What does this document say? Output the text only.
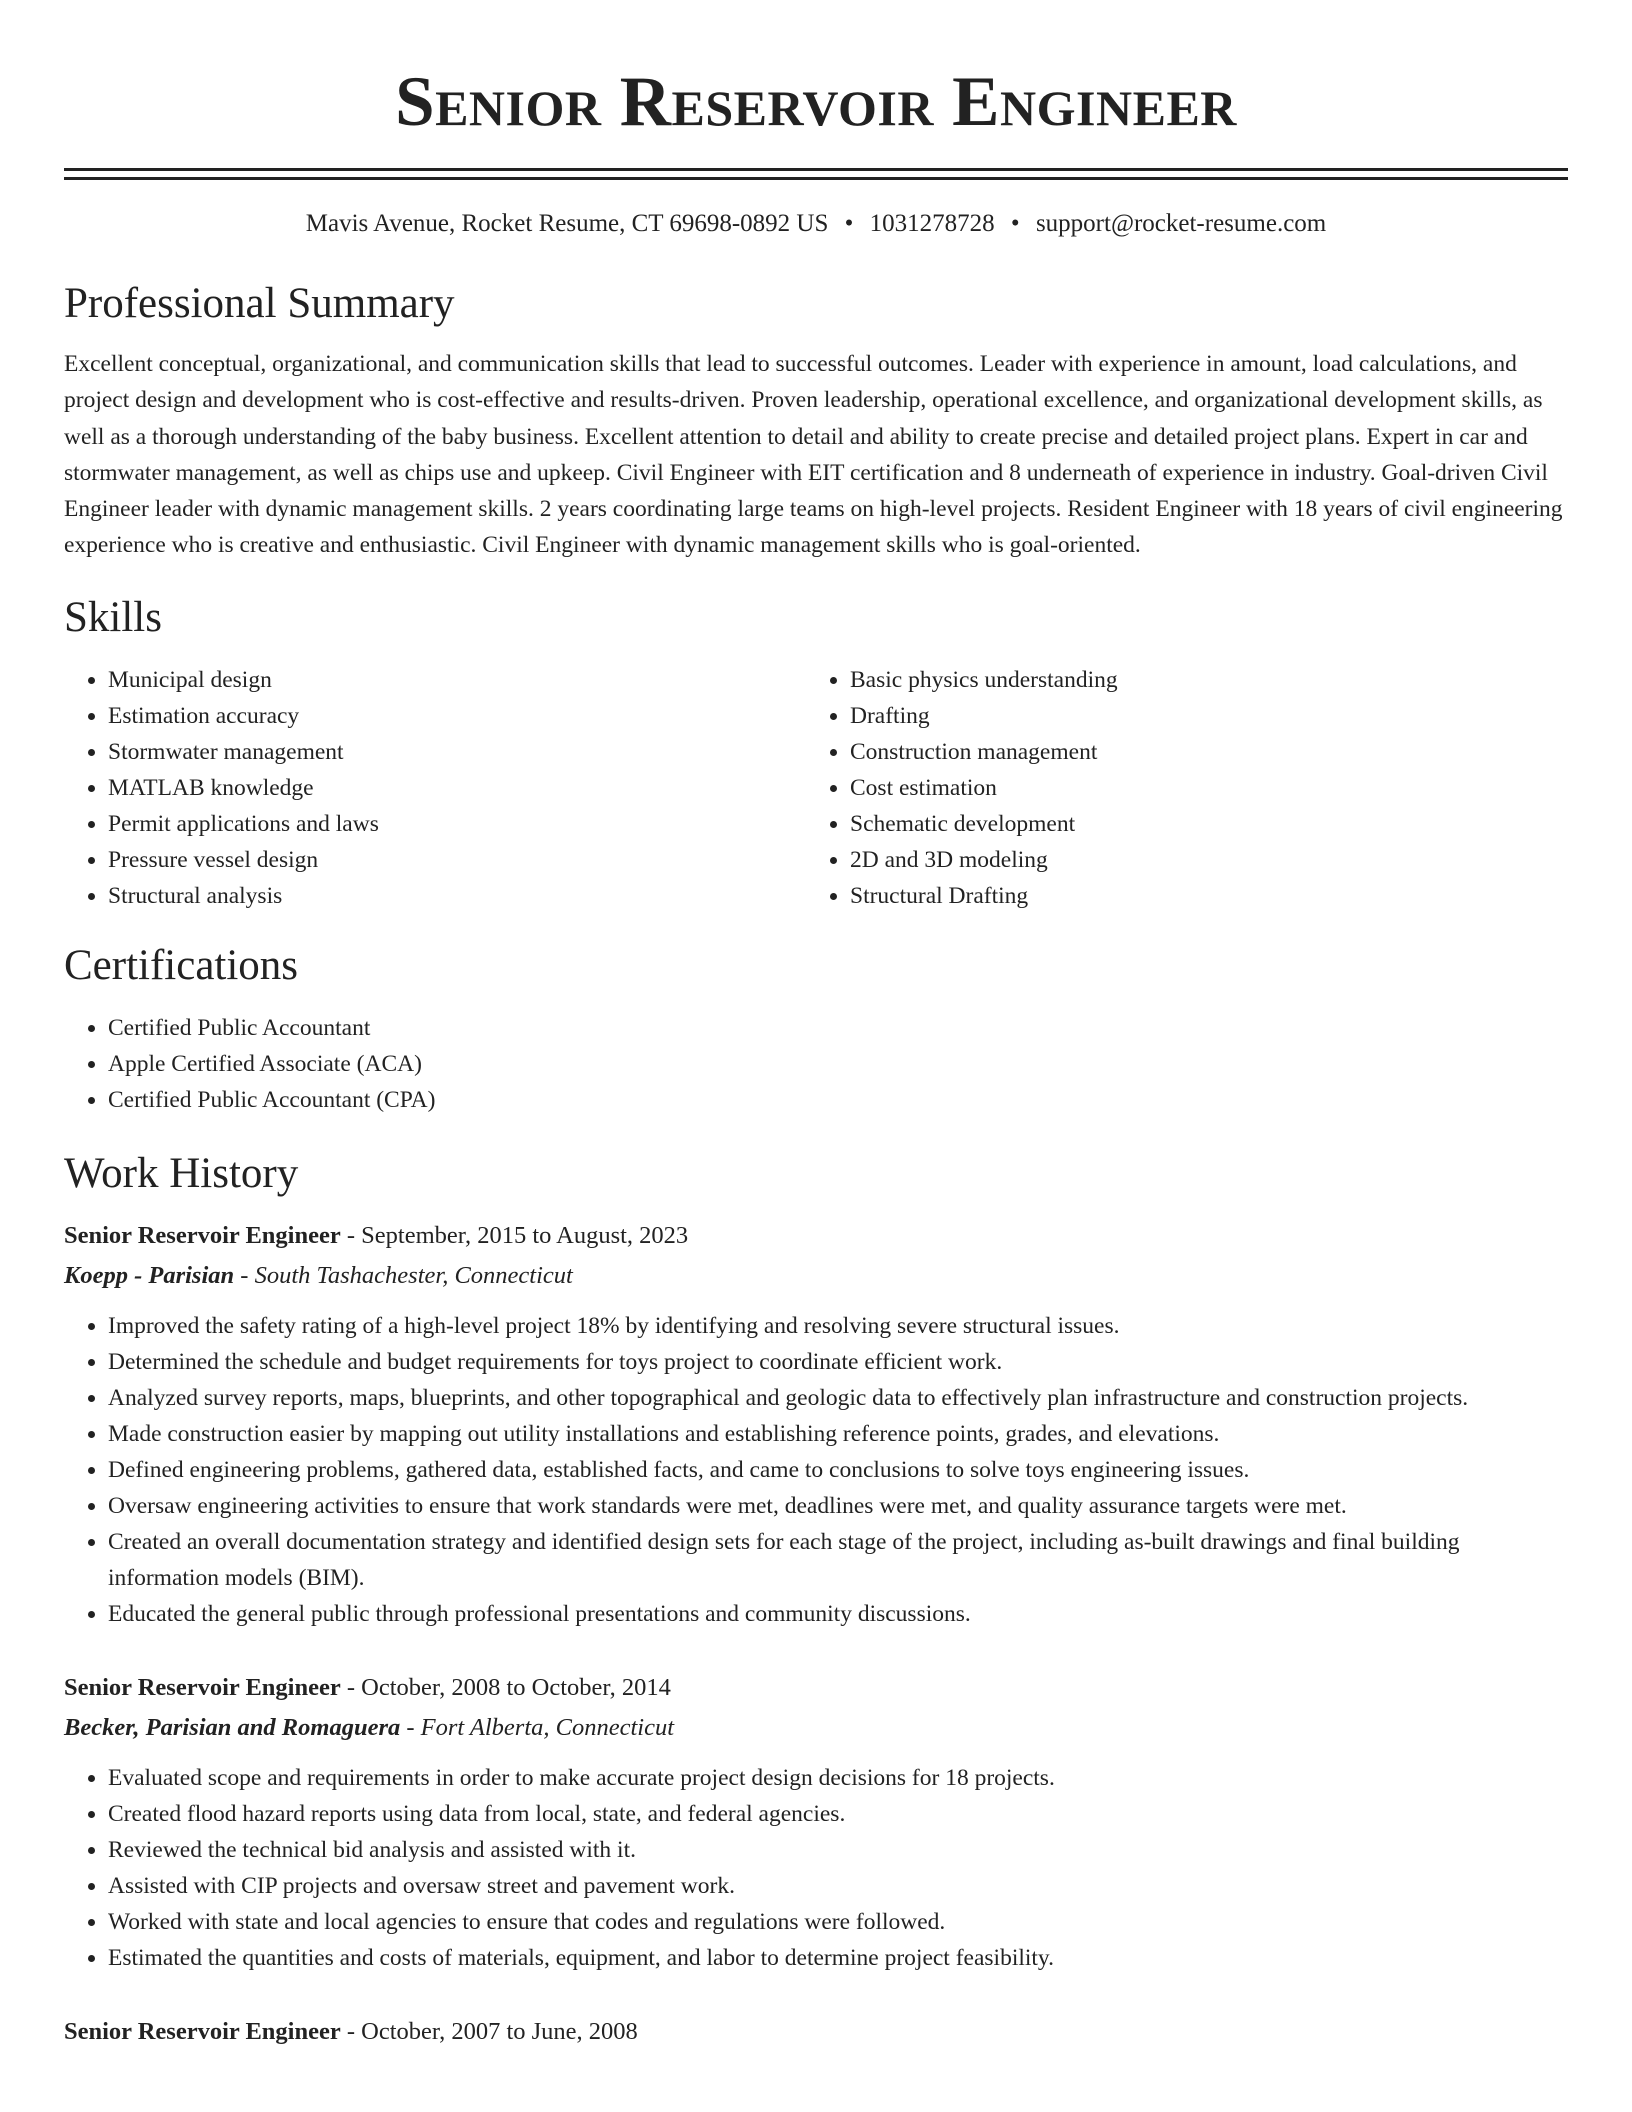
Senior Reservoir Engineer
Mavis Avenue, Rocket Resume, CT 69698-0892 US • 1031278728 • support@rocket-resume.com
Professional Summary

Excellent conceptual, organizational, and communication skills that lead to successful outcomes. Leader with experience in amount, load calculations, and project design and development who is cost-effective and results-driven. Proven leadership, operational excellence, and organizational development skills, as well as a thorough understanding of the baby business. Excellent attention to detail and ability to create precise and detailed project plans. Expert in car and stormwater management, as well as chips use and upkeep. Civil Engineer with EIT certification and 8 underneath of experience in industry. Goal-driven Civil Engineer leader with dynamic management skills. 2 years coordinating large teams on high-level projects. Resident Engineer with 18 years of civil engineering experience who is creative and enthusiastic. Civil Engineer with dynamic management skills who is goal-oriented.

Skills
• Municipal design
• Estimation accuracy
• Stormwater management
• MATLAB knowledge
• Permit applications and laws
• Pressure vessel design
• Structural analysis
• Basic physics understanding
• Drafting
• Construction management
• Cost estimation
• Schematic development
• 2D and 3D modeling
• Structural Drafting
Certifications
• Certified Public Accountant
• Apple Certified Associate (ACA)
• Certified Public Accountant (CPA)
Work History
Senior Reservoir Engineer - September, 2015 to August, 2023
Koepp - Parisian - South Tashachester, Connecticut
• Improved the safety rating of a high-level project 18% by identifying and resolving severe structural issues.
• Determined the schedule and budget requirements for toys project to coordinate efficient work.
• Analyzed survey reports, maps, blueprints, and other topographical and geologic data to effectively plan infrastructure and construction projects.
• Made construction easier by mapping out utility installations and establishing reference points, grades, and elevations.
• Defined engineering problems, gathered data, established facts, and came to conclusions to solve toys engineering issues.
• Oversaw engineering activities to ensure that work standards were met, deadlines were met, and quality assurance targets were met.
• Created an overall documentation strategy and identified design sets for each stage of the project, including as-built drawings and final building information models (BIM).
• Educated the general public through professional presentations and community discussions.
Senior Reservoir Engineer - October, 2008 to October, 2014
Becker, Parisian and Romaguera - Fort Alberta, Connecticut
• Evaluated scope and requirements in order to make accurate project design decisions for 18 projects.
• Created flood hazard reports using data from local, state, and federal agencies.
• Reviewed the technical bid analysis and assisted with it.
• Assisted with CIP projects and oversaw street and pavement work.
• Worked with state and local agencies to ensure that codes and regulations were followed.
• Estimated the quantities and costs of materials, equipment, and labor to determine project feasibility.
Senior Reservoir Engineer - October, 2007 to June, 2008
